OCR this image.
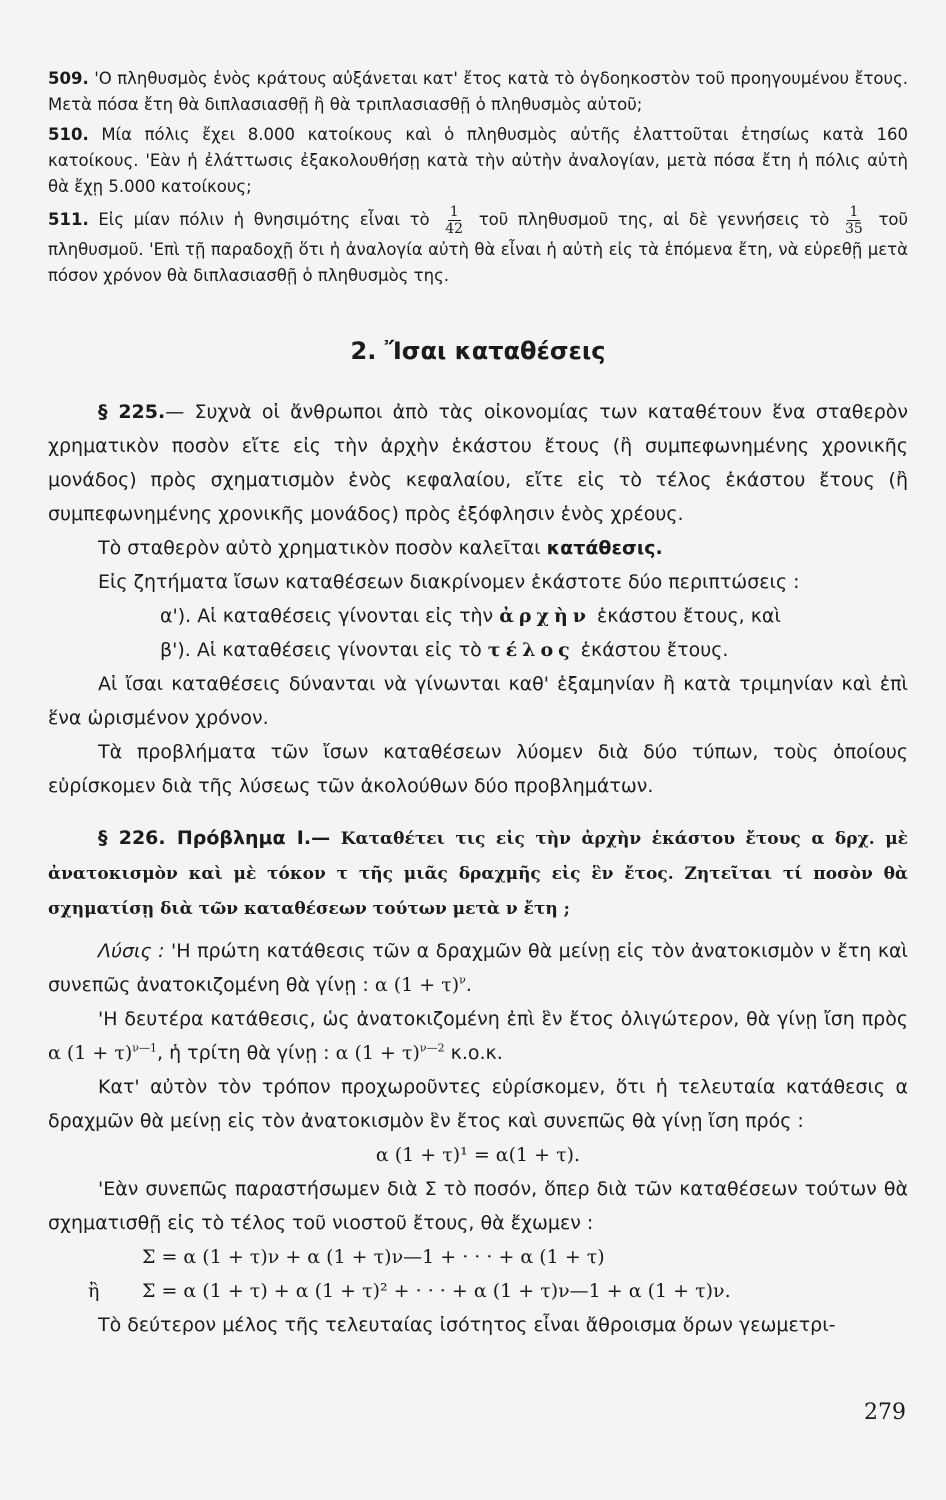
509. 'Ο πληθυσμὸς ἑνὸς κράτους αὐξάνεται κατ' ἔτος κατὰ τὸ ὀγδοηκοστὸν τοῦ προηγουμένου ἔτους. Μετὰ πόσα ἔτη θὰ διπλασιασθῇ ἢ θὰ τριπλασιασθῇ ὁ πληθυσμὸς αὐτοῦ;

510. Μία πόλις ἔχει 8.000 κατοίκους καὶ ὁ πληθυσμὸς αὐτῆς ἐλαττοῦται ἐτησίως κατὰ 160 κατοίκους. 'Εὰν ἡ ἐλάττωσις ἐξακολουθήσῃ κατὰ τὴν αὐτὴν ἀναλογίαν, μετὰ πόσα ἔτη ἡ πόλις αὐτὴ θὰ ἔχῃ 5.000 κατοίκους;

511. Εἰς μίαν πόλιν ἡ θνησιμότης εἶναι τὸ $\frac{1}{42}$ τοῦ πληθυσμοῦ της, αἱ δὲ γεννήσεις τὸ $\frac{1}{35}$ τοῦ πληθυσμοῦ. 'Επὶ τῇ παραδοχῇ ὅτι ἡ ἀναλογία αὐτὴ θὰ εἶναι ἡ αὐτὴ εἰς τὰ ἑπόμενα ἔτη, νὰ εὑρεθῇ μετὰ πόσον χρόνον θὰ διπλασιασθῇ ὁ πληθυσμὸς της.

2. Ἴσαι καταθέσεις

§ 225.— Συχνὰ οἱ ἄνθρωποι ἀπὸ τὰς οἰκονομίας των καταθέτουν ἕνα σταθερὸν χρηματικὸν ποσὸν εἴτε εἰς τὴν ἀρχὴν ἑκάστου ἔτους (ἢ συμπεφωνημένης χρονικῆς μονάδος) πρὸς σχηματισμὸν ἑνὸς κεφαλαίου, εἴτε εἰς τὸ τέλος ἑκάστου ἔτους (ἢ συμπεφωνημένης χρονικῆς μονάδος) πρὸς ἐξόφλησιν ἑνὸς χρέους.

Τὸ σταθερὸν αὐτὸ χρηματικὸν ποσὸν καλεῖται κατάθεσις.

Εἰς ζητήματα ἴσων καταθέσεων διακρίνομεν ἑκάστοτε δύο περιπτώσεις :

α'). Αἱ καταθέσεις γίνονται εἰς τὴν ἀρχὴν ἑκάστου ἔτους, καὶ

β'). Αἱ καταθέσεις γίνονται εἰς τὸ τέλος ἑκάστου ἔτους.

Αἱ ἴσαι καταθέσεις δύνανται νὰ γίνωνται καθ' ἑξαμηνίαν ἢ κατὰ τριμηνίαν καὶ ἐπὶ ἕνα ὡρισμένον χρόνον.

Τὰ προβλήματα τῶν ἴσων καταθέσεων λύομεν διὰ δύο τύπων, τοὺς ὁποίους εὑρίσκομεν διὰ τῆς λύσεως τῶν ἀκολούθων δύο προβλημάτων.

§ 226. Πρόβλημα I.— Καταθέτει τις εἰς τὴν ἀρχὴν ἑκάστου ἔτους α δρχ. μὲ ἀνατοκισμὸν καὶ μὲ τόκον τ τῆς μιᾶς δραχμῆς εἰς ἓν ἔτος. Ζητεῖται τί ποσὸν θὰ σχηματίσῃ διὰ τῶν καταθέσεων τούτων μετὰ ν ἔτη ;

Λύσις : 'Η πρώτη κατάθεσις τῶν α δραχμῶν θὰ μείνῃ εἰς τὸν ἀνατοκισμὸν ν ἔτη καὶ συνεπῶς ἀνατοκιζομένη θὰ γίνῃ : α $(1 + \tau)^\nu$.

'Η δευτέρα κατάθεσις, ὡς ἀνατοκιζομένη ἐπὶ ἓν ἔτος ὀλιγώτερον, θὰ γίνῃ ἴση πρὸς α $(1 + \tau)^{\nu—1}$, ἡ τρίτη θὰ γίνῃ : α $(1 + \tau)^{\nu—2}$ κ.ο.κ.

Κατ' αὐτὸν τὸν τρόπον προχωροῦντες εὑρίσκομεν, ὅτι ἡ τελευταία κατάθεσις α δραχμῶν θὰ μείνῃ εἰς τὸν ἀνατοκισμὸν ἓν ἔτος καὶ συνεπῶς θὰ γίνῃ ἴση πρός :

α (1 + τ)¹ = α(1 + τ).

'Εὰν συνεπῶς παραστήσωμεν διὰ Σ τὸ ποσόν, ὅπερ διὰ τῶν καταθέσεων τούτων θὰ σχηματισθῇ εἰς τὸ τέλος τοῦ νιοστοῦ ἔτους, θὰ ἔχωμεν :

Σ = α (1 + τ)ν + α (1 + τ)ν—1 + · · · + α (1 + τ)
ἢ Σ = α (1 + τ) + α (1 + τ)² + · · · + α (1 + τ)ν—1 + α (1 + τ)ν.

Τὸ δεύτερον μέλος τῆς τελευταίας ἰσότητος εἶναι ἄθροισμα ὅρων γεωμετρι-

279
